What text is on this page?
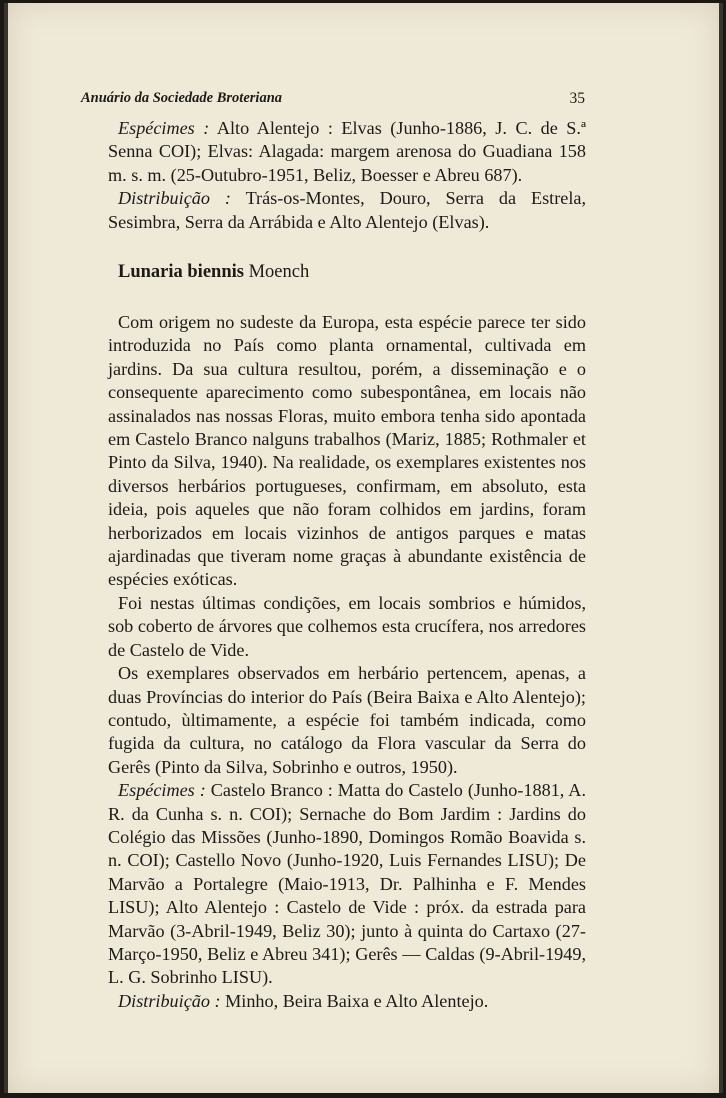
Anuário da Sociedade Broteriana	35

Espécimes : Alto Alentejo : Elvas (Junho-1886, J. C. de S.ª Senna COI); Elvas: Alagada: margem arenosa do Guadiana 158 m. s. m. (25-Outubro-1951, Beliz, Boesser e Abreu 687).

Distribuição : Trás-os-Montes, Douro, Serra da Estrela, Sesimbra, Serra da Arrábida e Alto Alentejo (Elvas).

Lunaria biennis Moench

Com origem no sudeste da Europa, esta espécie parece ter sido introduzida no País como planta ornamental, cultivada em jardins. Da sua cultura resultou, porém, a disseminação e o consequente aparecimento como subespontânea, em locais não assinalados nas nossas Floras, muito embora tenha sido apontada em Castelo Branco nalguns trabalhos (Mariz, 1885; Rothmaler et Pinto da Silva, 1940). Na realidade, os exemplares existentes nos diversos herbários portugueses, confirmam, em absoluto, esta ideia, pois aqueles que não foram colhidos em jardins, foram herborizados em locais vizinhos de antigos parques e matas ajardinadas que tiveram nome graças à abundante existência de espécies exóticas.

Foi nestas últimas condições, em locais sombrios e húmidos, sob coberto de árvores que colhemos esta crucífera, nos arredores de Castelo de Vide.

Os exemplares observados em herbário pertencem, apenas, a duas Províncias do interior do País (Beira Baixa e Alto Alentejo); contudo, ùltimamente, a espécie foi também indicada, como fugida da cultura, no catálogo da Flora vascular da Serra do Gerês (Pinto da Silva, Sobrinho e outros, 1950).

Espécimes : Castelo Branco : Matta do Castelo (Junho-1881, A. R. da Cunha s. n. COI); Sernache do Bom Jardim : Jardins do Colégio das Missões (Junho-1890, Domingos Romão Boavida s. n. COI); Castello Novo (Junho-1920, Luis Fernandes LISU); De Marvão a Portalegre (Maio-1913, Dr. Palhinha e F. Mendes LISU); Alto Alentejo : Castelo de Vide : próx. da estrada para Marvão (3-Abril-1949, Beliz 30); junto à quinta do Cartaxo (27-Março-1950, Beliz e Abreu 341); Gerês — Caldas (9-Abril-1949, L. G. Sobrinho LISU).

Distribuição : Minho, Beira Baixa e Alto Alentejo.
